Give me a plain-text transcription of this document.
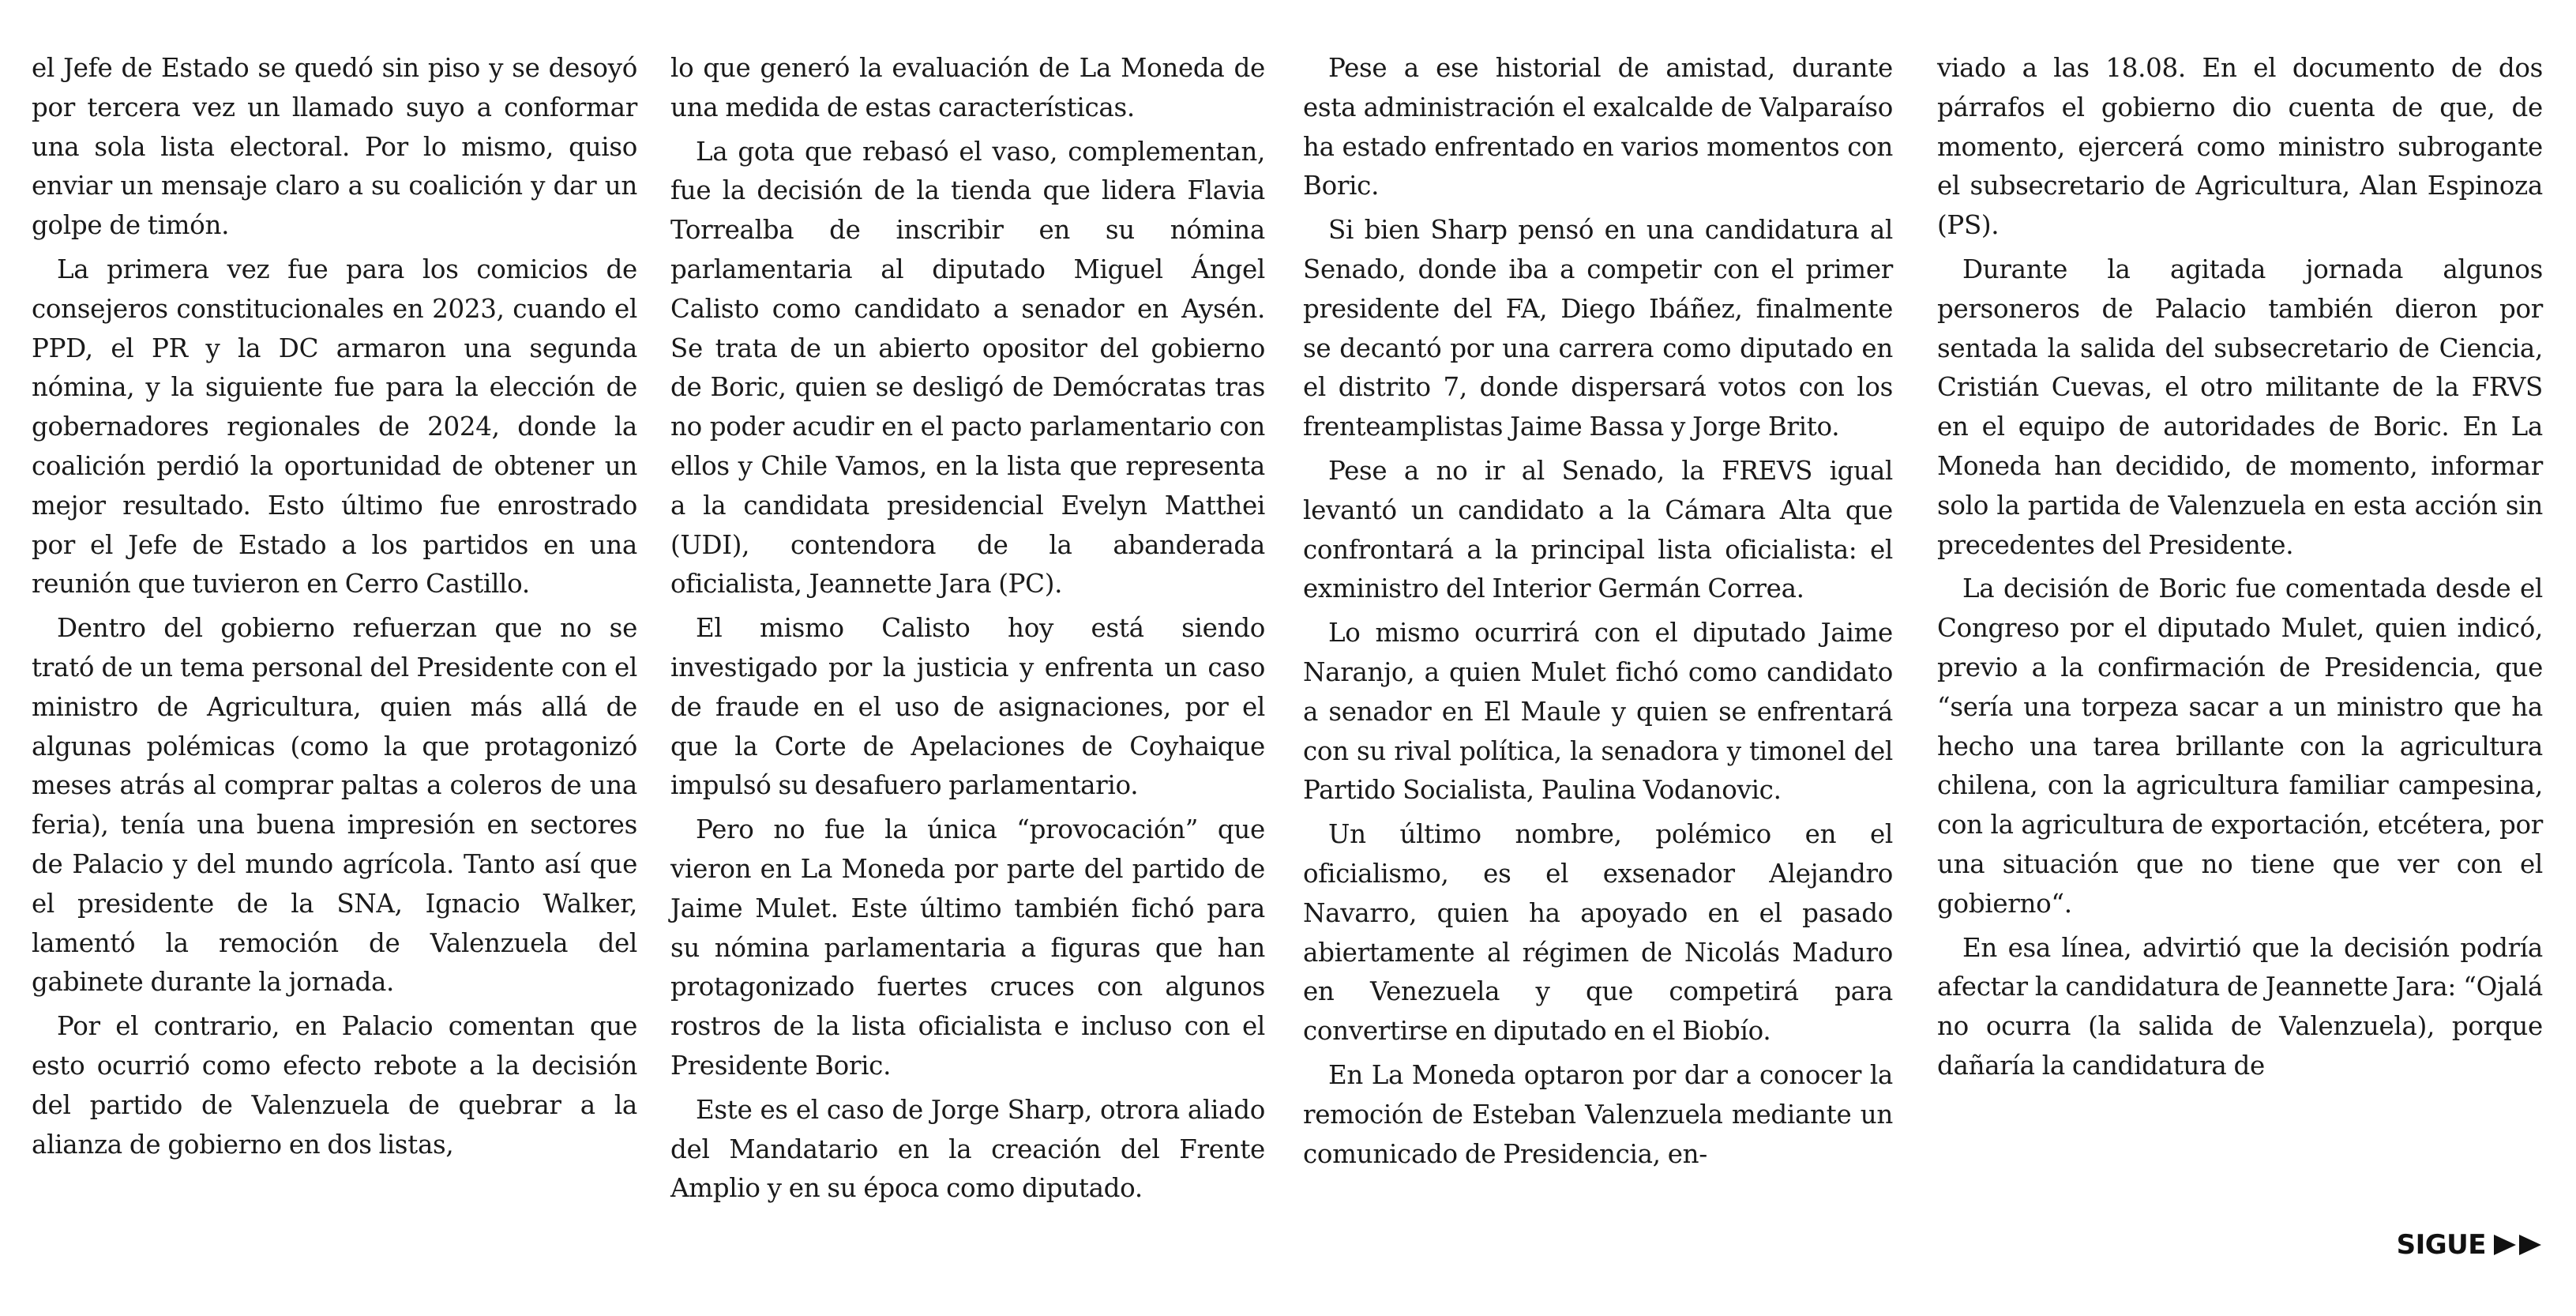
el Jefe de Estado se quedó sin piso y se desoyó por tercera vez un llamado suyo a conformar una sola lista electoral. Por lo mismo, quiso enviar un mensaje claro a su coalición y dar un golpe de timón.

La primera vez fue para los comicios de consejeros constitucionales en 2023, cuando el PPD, el PR y la DC armaron una segunda nómina, y la siguiente fue para la elección de gobernadores regionales de 2024, donde la coalición perdió la oportunidad de obtener un mejor resultado. Esto último fue enrostrado por el Jefe de Estado a los partidos en una reunión que tuvieron en Cerro Castillo.

Dentro del gobierno refuerzan que no se trató de un tema personal del Presidente con el ministro de Agricultura, quien más allá de algunas polémicas (como la que protagonizó meses atrás al comprar paltas a coleros de una feria), tenía una buena impresión en sectores de Palacio y del mundo agrícola. Tanto así que el presidente de la SNA, Ignacio Walker, lamentó la remoción de Valenzuela del gabinete durante la jornada.

Por el contrario, en Palacio comentan que esto ocurrió como efecto rebote a la decisión del partido de Valenzuela de quebrar a la alianza de gobierno en dos listas,

lo que generó la evaluación de La Moneda de una medida de estas características.

La gota que rebasó el vaso, complementan, fue la decisión de la tienda que lidera Flavia Torrealba de inscribir en su nómina parlamentaria al diputado Miguel Ángel Calisto como candidato a senador en Aysén. Se trata de un abierto opositor del gobierno de Boric, quien se desligó de Demócratas tras no poder acudir en el pacto parlamentario con ellos y Chile Vamos, en la lista que representa a la candidata presidencial Evelyn Matthei (UDI), contendora de la abanderada oficialista, Jeannette Jara (PC).

El mismo Calisto hoy está siendo investigado por la justicia y enfrenta un caso de fraude en el uso de asignaciones, por el que la Corte de Apelaciones de Coyhaique impulsó su desafuero parlamentario.

Pero no fue la única “provocación” que vieron en La Moneda por parte del partido de Jaime Mulet. Este último también fichó para su nómina parlamentaria a figuras que han protagonizado fuertes cruces con algunos rostros de la lista oficialista e incluso con el Presidente Boric.

Este es el caso de Jorge Sharp, otrora aliado del Mandatario en la creación del Frente Amplio y en su época como diputado.

Pese a ese historial de amistad, durante esta administración el exalcalde de Valparaíso ha estado enfrentado en varios momentos con Boric.

Si bien Sharp pensó en una candidatura al Senado, donde iba a competir con el primer presidente del FA, Diego Ibáñez, finalmente se decantó por una carrera como diputado en el distrito 7, donde dispersará votos con los frenteamplistas Jaime Bassa y Jorge Brito.

Pese a no ir al Senado, la FREVS igual levantó un candidato a la Cámara Alta que confrontará a la principal lista oficialista: el exministro del Interior Germán Correa.

Lo mismo ocurrirá con el diputado Jaime Naranjo, a quien Mulet fichó como candidato a senador en El Maule y quien se enfrentará con su rival política, la senadora y timonel del Partido Socialista, Paulina Vodanovic.

Un último nombre, polémico en el oficialismo, es el exsenador Alejandro Navarro, quien ha apoyado en el pasado abiertamente al régimen de Nicolás Maduro en Venezuela y que competirá para convertirse en diputado en el Biobío.

En La Moneda optaron por dar a conocer la remoción de Esteban Valenzuela mediante un comunicado de Presidencia, en-

viado a las 18.08. En el documento de dos párrafos el gobierno dio cuenta de que, de momento, ejercerá como ministro subrogante el subsecretario de Agricultura, Alan Espinoza (PS).

Durante la agitada jornada algunos personeros de Palacio también dieron por sentada la salida del subsecretario de Ciencia, Cristián Cuevas, el otro militante de la FRVS en el equipo de autoridades de Boric. En La Moneda han decidido, de momento, informar solo la partida de Valenzuela en esta acción sin precedentes del Presidente.

La decisión de Boric fue comentada desde el Congreso por el diputado Mulet, quien indicó, previo a la confirmación de Presidencia, que “sería una torpeza sacar a un ministro que ha hecho una tarea brillante con la agricultura chilena, con la agricultura familiar campesina, con la agricultura de exportación, etcétera, por una situación que no tiene que ver con el gobierno“.

En esa línea, advirtió que la decisión podría afectar la candidatura de Jeannette Jara: “Ojalá no ocurra (la salida de Valenzuela), porque dañaría la candidatura de

SIGUE
